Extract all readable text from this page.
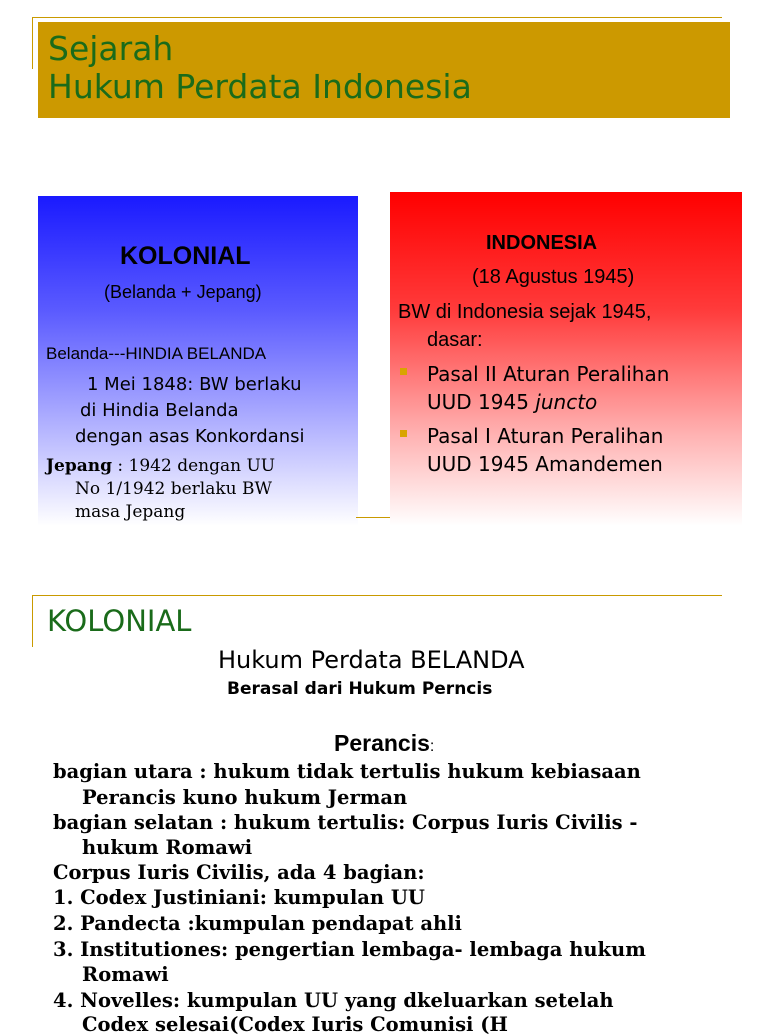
Sejarah
Hukum Perdata Indonesia
KOLONIAL
(Belanda + Jepang)
Belanda---HINDIA BELANDA
1 Mei 1848: BW berlaku
di Hindia Belanda
dengan asas Konkordansi
Jepang : 1942 dengan UU
No 1/1942 berlaku BW
masa Jepang
INDONESIA
(18 Agustus 1945)
BW di Indonesia sejak 1945,
dasar:
Pasal II Aturan Peralihan
UUD 1945 juncto
Pasal I Aturan Peralihan
UUD 1945 Amandemen
KOLONIAL
Hukum Perdata BELANDA
Berasal dari Hukum Perncis
Perancis:
bagian utara : hukum tidak tertulis hukum kebiasaan
Perancis kuno hukum Jerman
bagian selatan : hukum tertulis: Corpus Iuris Civilis -
hukum Romawi
Corpus Iuris Civilis, ada 4 bagian:
1. Codex Justiniani: kumpulan UU
2. Pandecta :kumpulan pendapat ahli
3. Institutiones: pengertian lembaga- lembaga hukum
Romawi
4. Novelles: kumpulan UU yang dkeluarkan setelah
Codex selesai(Codex Iuris Comunisi (H
